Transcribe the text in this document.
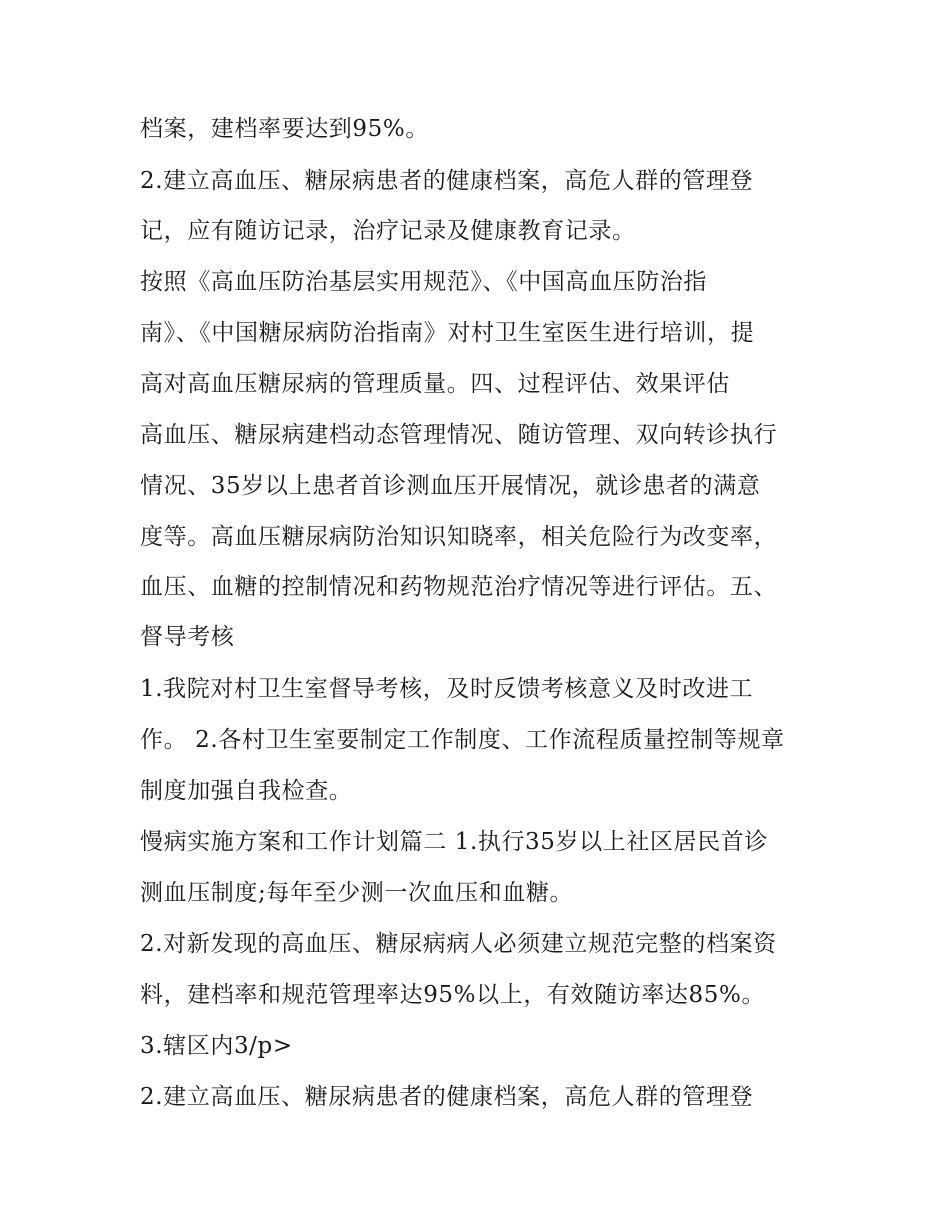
档案，建档率要达到95%。
2.建立高血压、糖尿病患者的健康档案，高危人群的管理登
记，应有随访记录，治疗记录及健康教育记录。
按照《高血压防治基层实用规范》、《中国高血压防治指
南》、《中国糖尿病防治指南》对村卫生室医生进行培训，提
高对高血压糖尿病的管理质量。四、过程评估、效果评估
高血压、糖尿病建档动态管理情况、随访管理、双向转诊执行
情况、35岁以上患者首诊测血压开展情况，就诊患者的满意
度等。高血压糖尿病防治知识知晓率，相关危险行为改变率，
血压、血糖的控制情况和药物规范治疗情况等进行评估。五、
督导考核
1.我院对村卫生室督导考核，及时反馈考核意义及时改进工
作。 2.各村卫生室要制定工作制度、工作流程质量控制等规章
制度加强自我检查。
慢病实施方案和工作计划篇二 1.执行35岁以上社区居民首诊
测血压制度;每年至少测一次血压和血糖。
2.对新发现的高血压、糖尿病病人必须建立规范完整的档案资
料，建档率和规范管理率达95%以上，有效随访率达85%。
3.辖区内3/p>
2.建立高血压、糖尿病患者的健康档案，高危人群的管理登
